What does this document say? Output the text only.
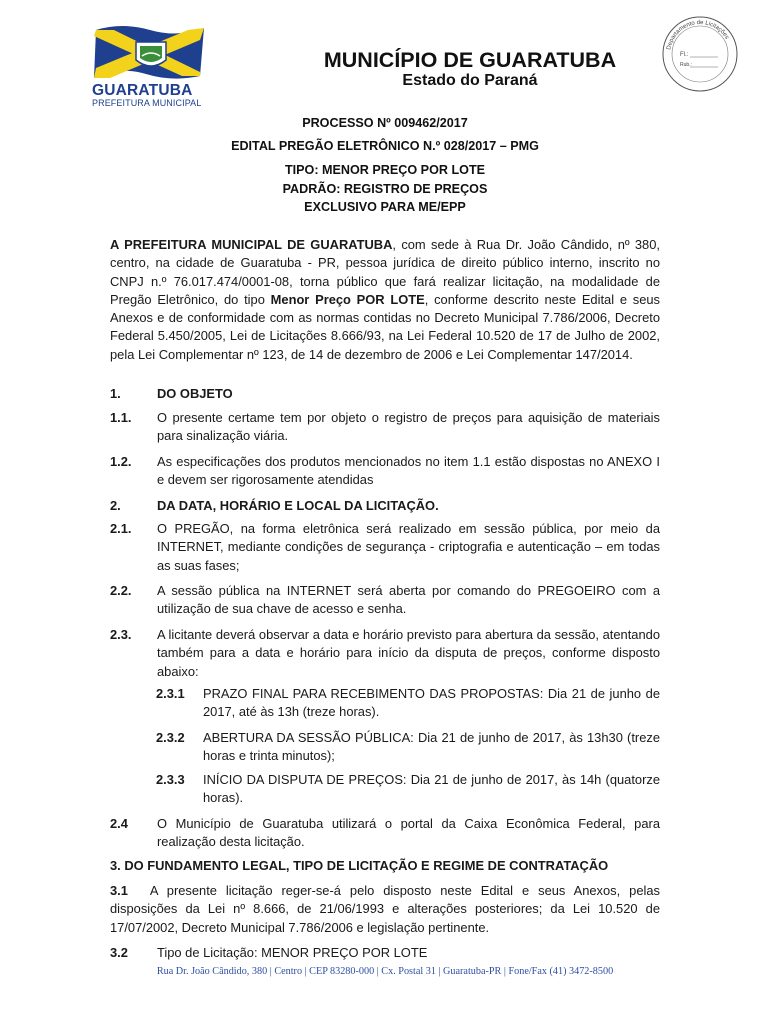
GUARATUBA
PREFEITURA MUNICIPAL
MUNICÍPIO DE GUARATUBA
Estado do Paraná
Departamento de Licitações
Fl.:
Rub.:
PROCESSO Nº 009462/2017
EDITAL PREGÃO ELETRÔNICO N.º 028/2017 – PMG
TIPO: MENOR PREÇO POR LOTE
PADRÃO: REGISTRO DE PREÇOS
EXCLUSIVO PARA ME/EPP
A PREFEITURA MUNICIPAL DE GUARATUBA, com sede à Rua Dr. João Cândido, nº 380, centro, na cidade de Guaratuba - PR, pessoa jurídica de direito público interno, inscrito no CNPJ n.º 76.017.474/0001-08, torna público que fará realizar licitação, na modalidade de Pregão Eletrônico, do tipo Menor Preço POR LOTE, conforme descrito neste Edital e seus Anexos e de conformidade com as normas contidas no Decreto Municipal 7.786/2006, Decreto Federal 5.450/2005, Lei de Licitações 8.666/93, na Lei Federal 10.520 de 17 de Julho de 2002, pela Lei Complementar nº 123, de 14 de dezembro de 2006 e Lei Complementar 147/2014.
1.	DO OBJETO
1.1. O presente certame tem por objeto o registro de preços para aquisição de materiais para sinalização viária.
1.2. As especificações dos produtos mencionados no item 1.1 estão dispostas no ANEXO I e devem ser rigorosamente atendidas
2.	DA DATA, HORÁRIO E LOCAL DA LICITAÇÃO.
2.1. O PREGÃO, na forma eletrônica será realizado em sessão pública, por meio da INTERNET, mediante condições de segurança - criptografia e autenticação – em todas as suas fases;
2.2. A sessão pública na INTERNET será aberta por comando do PREGOEIRO com a utilização de sua chave de acesso e senha.
2.3. A licitante deverá observar a data e horário previsto para abertura da sessão, atentando também para a data e horário para início da disputa de preços, conforme disposto abaixo:
2.3.1 PRAZO FINAL PARA RECEBIMENTO DAS PROPOSTAS: Dia 21 de junho de 2017, até às 13h (treze horas).
2.3.2 ABERTURA DA SESSÃO PÚBLICA: Dia 21 de junho de 2017, às 13h30 (treze horas e trinta minutos);
2.3.3 INÍCIO DA DISPUTA DE PREÇOS: Dia 21 de junho de 2017, às 14h (quatorze horas).
2.4 O Município de Guaratuba utilizará o portal da Caixa Econômica Federal, para realização desta licitação.
3. DO FUNDAMENTO LEGAL, TIPO DE LICITAÇÃO E REGIME DE CONTRATAÇÃO
3.1 A presente licitação reger-se-á pelo disposto neste Edital e seus Anexos, pelas disposições da Lei nº 8.666, de 21/06/1993 e alterações posteriores; da Lei 10.520 de 17/07/2002, Decreto Municipal 7.786/2006 e legislação pertinente.
3.2 Tipo de Licitação: MENOR PREÇO POR LOTE
Rua Dr. João Cândido, 380 | Centro | CEP 83280-000 | Cx. Postal 31 | Guaratuba-PR | Fone/Fax (41) 3472-8500
